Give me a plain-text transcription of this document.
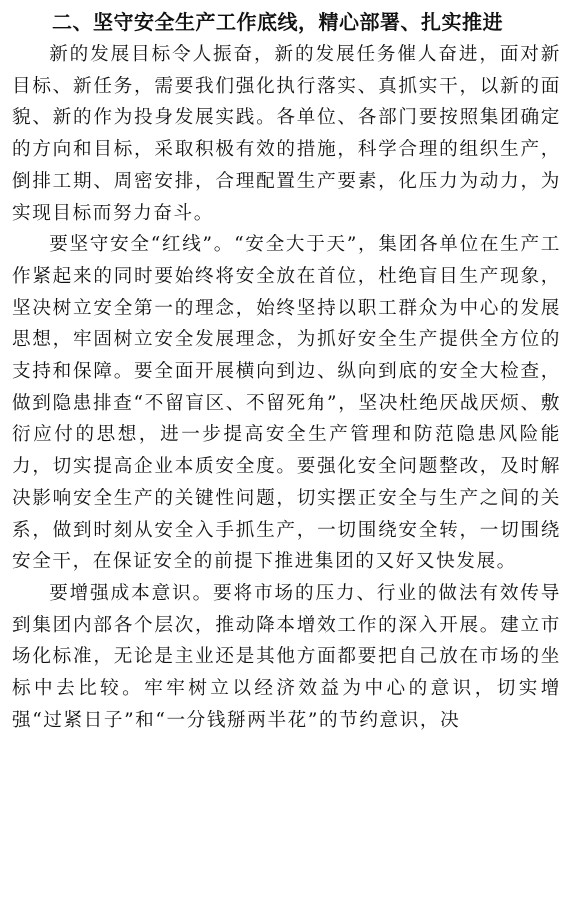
二、坚守安全生产工作底线，精心部署、扎实推进

新的发展目标令人振奋，新的发展任务催人奋进，面对新目标、新任务，需要我们强化执行落实、真抓实干，以新的面貌、新的作为投身发展实践。各单位、各部门要按照集团确定的方向和目标，采取积极有效的措施，科学合理的组织生产，倒排工期、周密安排，合理配置生产要素，化压力为动力，为实现目标而努力奋斗。

要坚守安全“红线”。“安全大于天”，集团各单位在生产工作紧起来的同时要始终将安全放在首位，杜绝盲目生产现象，坚决树立安全第一的理念，始终坚持以职工群众为中心的发展思想，牢固树立安全发展理念，为抓好安全生产提供全方位的支持和保障。要全面开展横向到边、纵向到底的安全大检查，做到隐患排查“不留盲区、不留死角”，坚决杜绝厌战厌烦、敷衍应付的思想，进一步提高安全生产管理和防范隐患风险能力，切实提高企业本质安全度。要强化安全问题整改，及时解决影响安全生产的关键性问题，切实摆正安全与生产之间的关系，做到时刻从安全入手抓生产，一切围绕安全转，一切围绕安全干，在保证安全的前提下推进集团的又好又快发展。

要增强成本意识。要将市场的压力、行业的做法有效传导到集团内部各个层次，推动降本增效工作的深入开展。建立市场化标准，无论是主业还是其他方面都要把自己放在市场的坐标中去比较。牢牢树立以经济效益为中心的意识，切实增强“过紧日子”和“一分钱掰两半花”的节约意识，决
